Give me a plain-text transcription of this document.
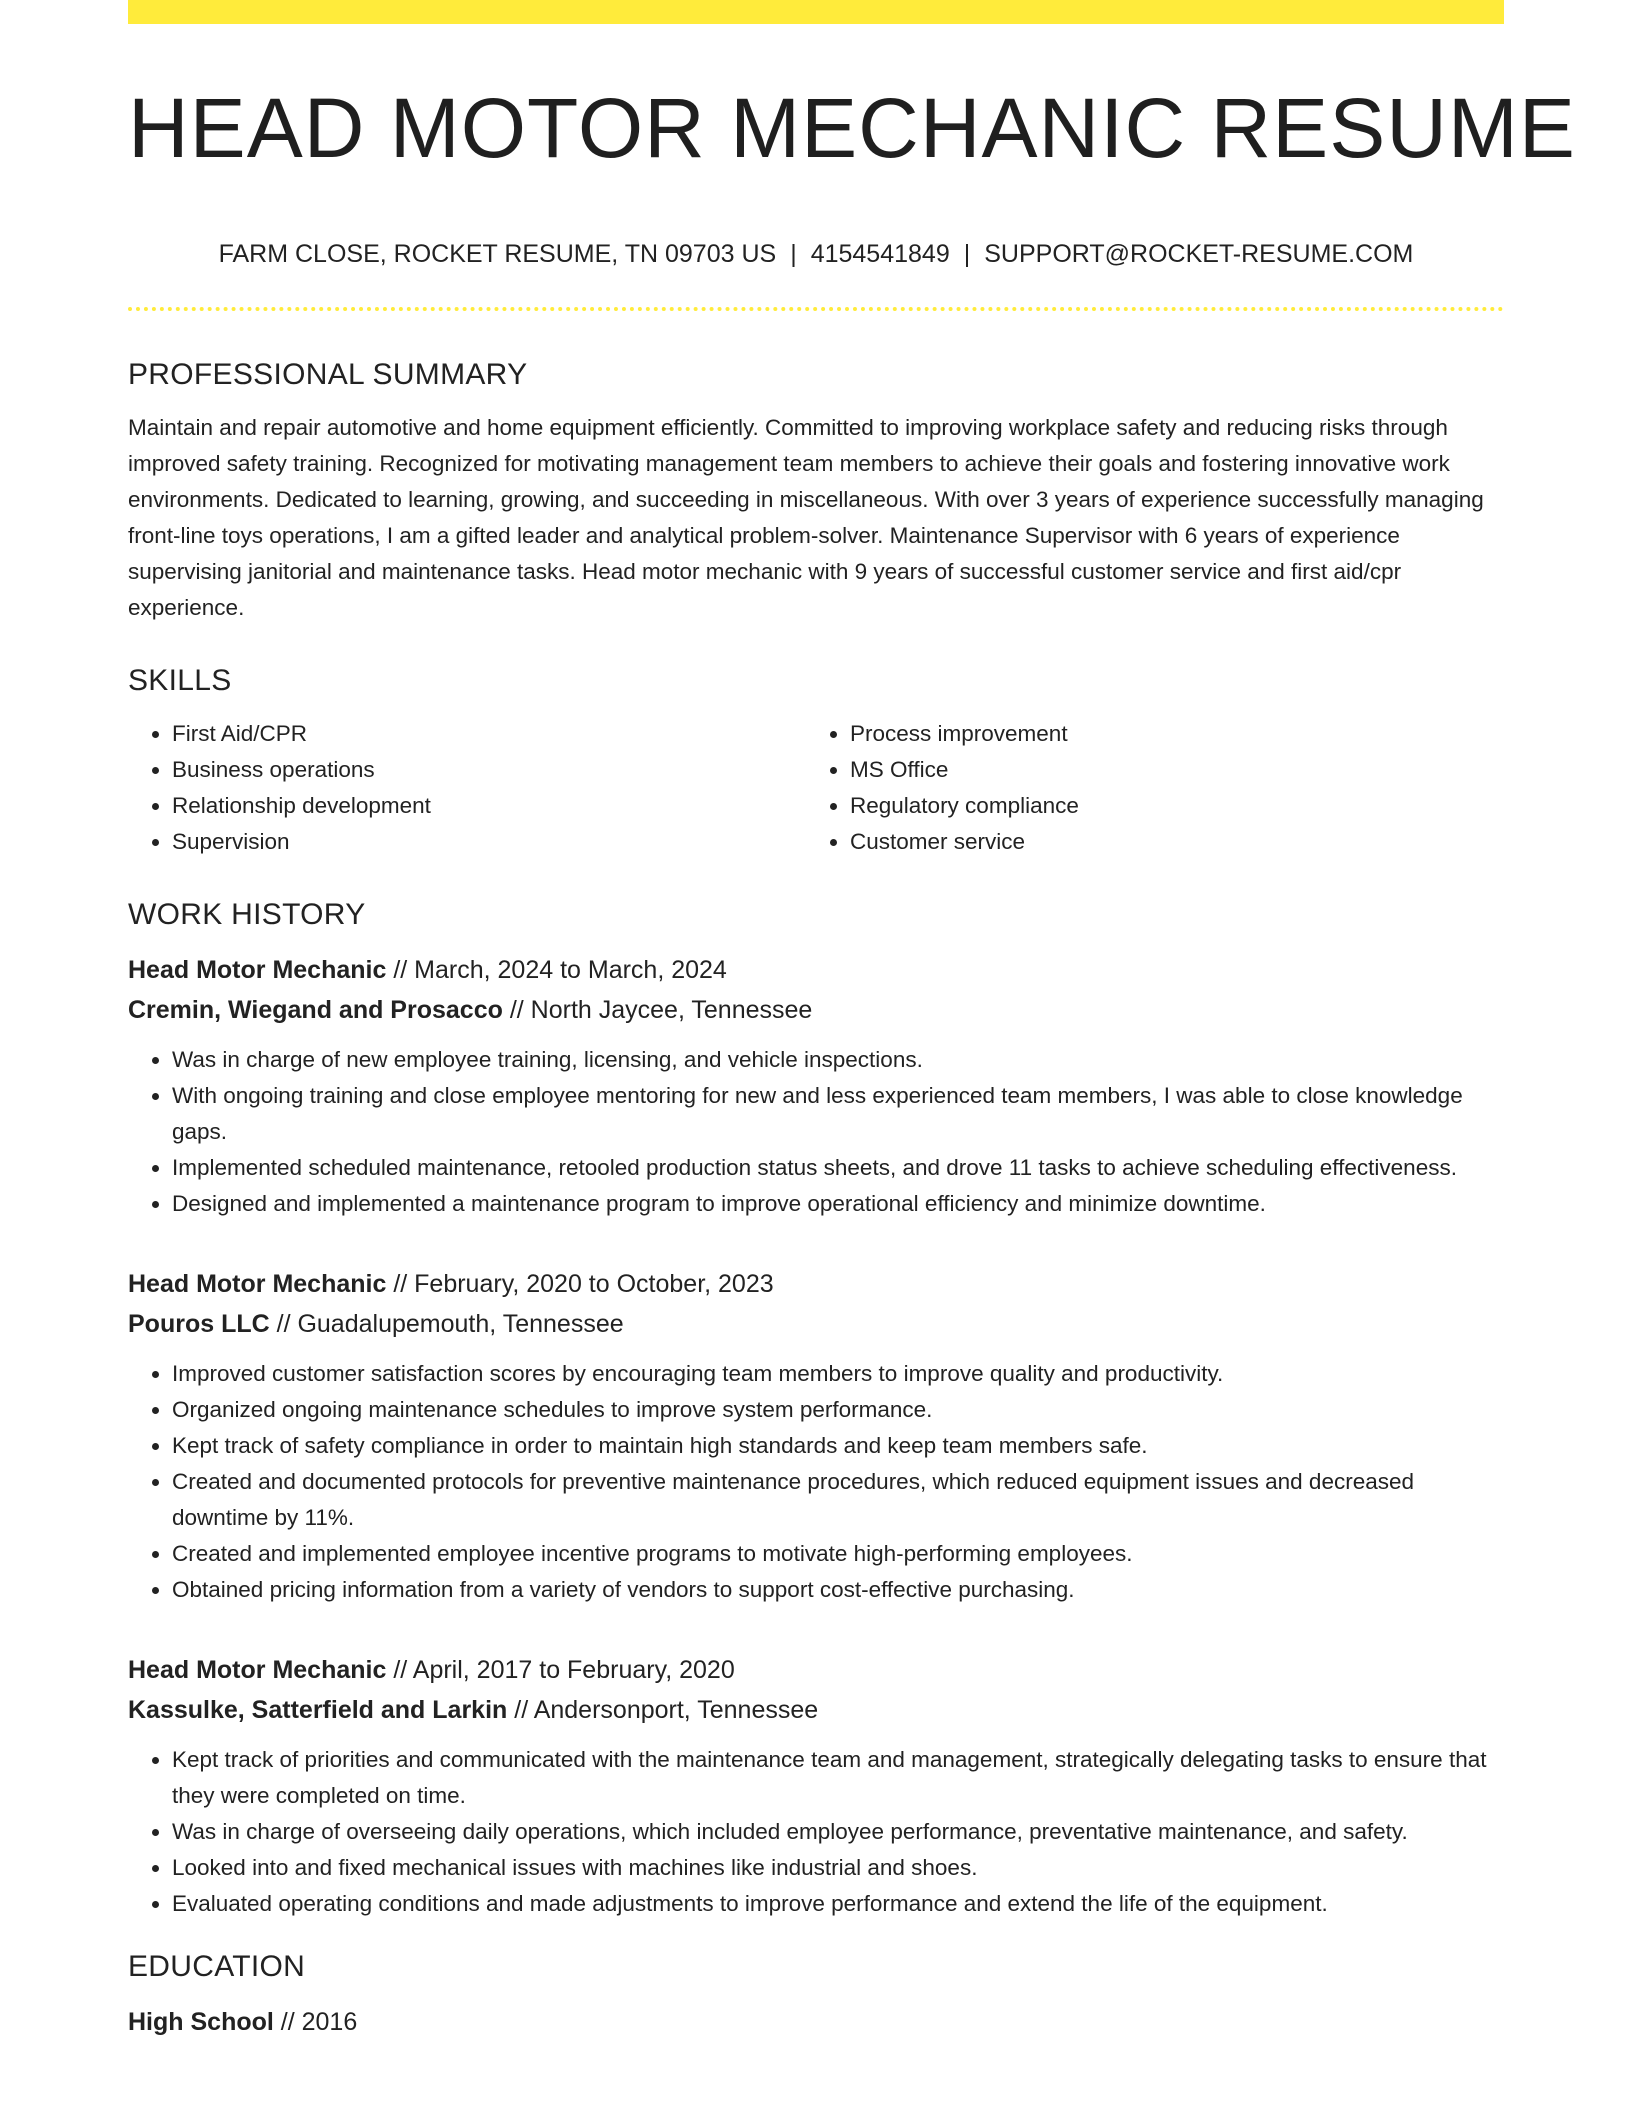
HEAD MOTOR MECHANIC RESUME
FARM CLOSE, ROCKET RESUME, TN 09703 US | 4154541849 | SUPPORT@ROCKET-RESUME.COM
PROFESSIONAL SUMMARY

Maintain and repair automotive and home equipment efficiently. Committed to improving workplace safety and reducing risks through improved safety training. Recognized for motivating management team members to achieve their goals and fostering innovative work environments. Dedicated to learning, growing, and succeeding in miscellaneous. With over 3 years of experience successfully managing front-line toys operations, I am a gifted leader and analytical problem-solver. Maintenance Supervisor with 6 years of experience supervising janitorial and maintenance tasks. Head motor mechanic with 9 years of successful customer service and first aid/cpr experience.

SKILLS
• First Aid/CPR
• Business operations
• Relationship development
• Supervision
• Process improvement
• MS Office
• Regulatory compliance
• Customer service
WORK HISTORY
Head Motor Mechanic // March, 2024 to March, 2024
Cremin, Wiegand and Prosacco // North Jaycee, Tennessee
• Was in charge of new employee training, licensing, and vehicle inspections.
• With ongoing training and close employee mentoring for new and less experienced team members, I was able to close knowledge gaps.
• Implemented scheduled maintenance, retooled production status sheets, and drove 11 tasks to achieve scheduling effectiveness.
• Designed and implemented a maintenance program to improve operational efficiency and minimize downtime.
Head Motor Mechanic // February, 2020 to October, 2023
Pouros LLC // Guadalupemouth, Tennessee
• Improved customer satisfaction scores by encouraging team members to improve quality and productivity.
• Organized ongoing maintenance schedules to improve system performance.
• Kept track of safety compliance in order to maintain high standards and keep team members safe.
• Created and documented protocols for preventive maintenance procedures, which reduced equipment issues and decreased downtime by 11%.
• Created and implemented employee incentive programs to motivate high-performing employees.
• Obtained pricing information from a variety of vendors to support cost-effective purchasing.
Head Motor Mechanic // April, 2017 to February, 2020
Kassulke, Satterfield and Larkin // Andersonport, Tennessee
• Kept track of priorities and communicated with the maintenance team and management, strategically delegating tasks to ensure that they were completed on time.
• Was in charge of overseeing daily operations, which included employee performance, preventative maintenance, and safety.
• Looked into and fixed mechanical issues with machines like industrial and shoes.
• Evaluated operating conditions and made adjustments to improve performance and extend the life of the equipment.
EDUCATION
High School // 2016
